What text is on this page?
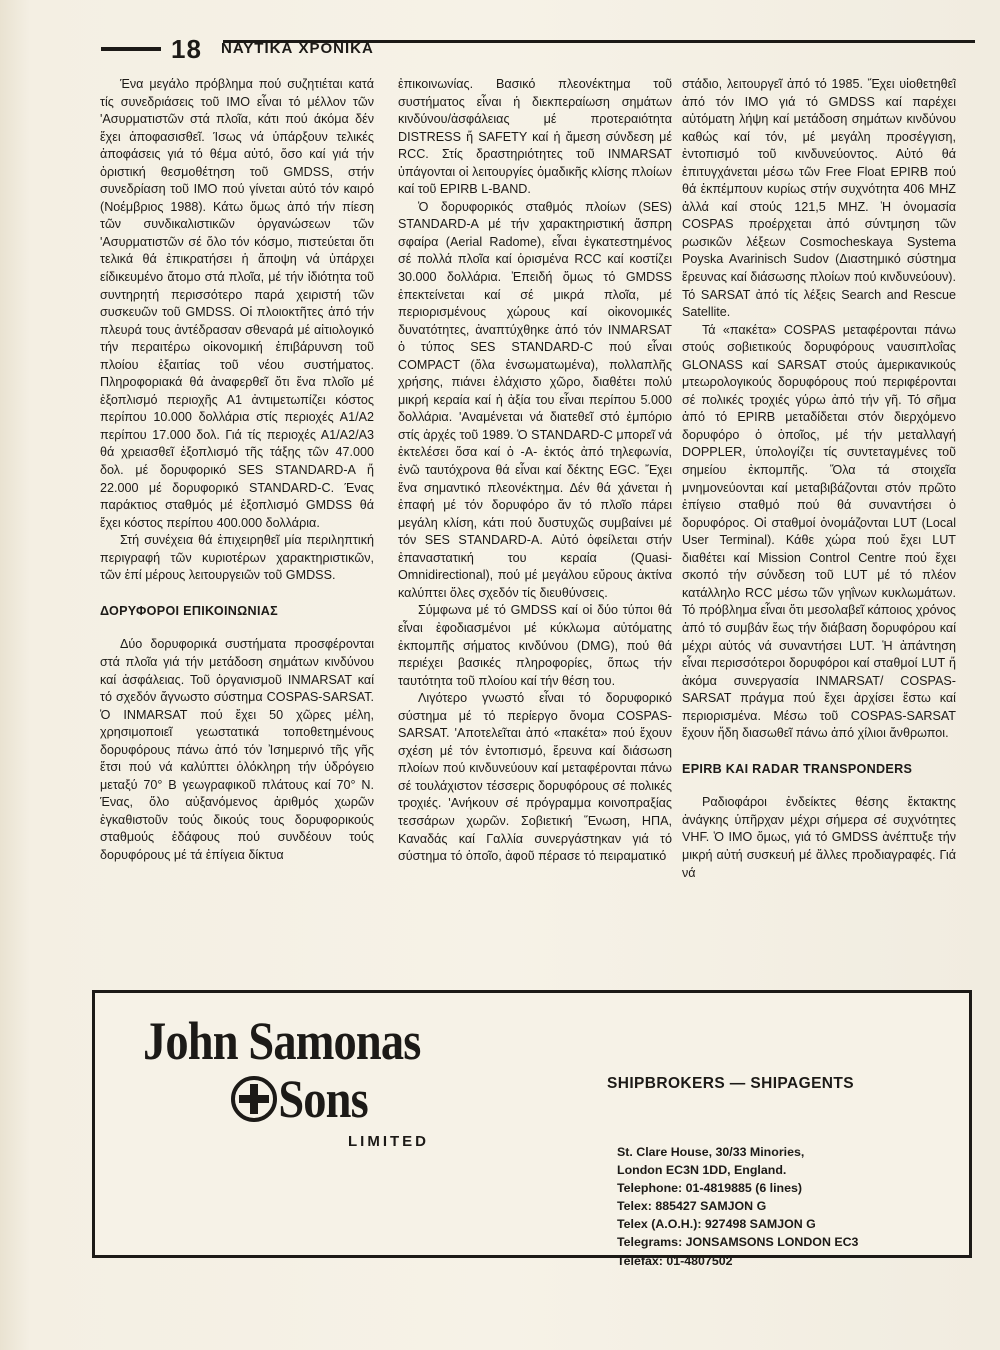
18 ΝΑΥΤΙΚΑ ΧΡΟΝΙΚΑ

Ένα μεγάλο πρόβλημα πού συζητιέται κατά τίς συνεδριάσεις τοῦ ΙΜΟ εἶναι τό μέλλον τῶν 'Ασυρματιστῶν στά πλοῖα, κάτι πού άκόμα δέν ἔχει ἀποφασισθεῖ. Ίσως νά ὑπάρξουν τελικές ἀποφάσεις γιά τό θέμα αὐτό, ὅσο καί γιά τήν ὁριστική θεσμοθέτηση τοῦ GMDSS, στήν συνεδρίαση τοῦ ΙΜΟ πού γίνεται αὐτό τόν καιρό (Νοέμβριος 1988). Κάτω ὅμως ἀπό τήν πίεση τῶν συνδικαλιστικῶν ὀργανώσεων τῶν 'Ασυρματιστῶν σέ ὅλο τόν κόσμο, πιστεύεται ὅτι τελικά θά ἐπικρατήσει ἡ ἄποψη νά ὑπάρχει είδικευμένο ἄτομο στά πλοῖα, μέ τήν ἰδιότητα τοῦ συντηρητή περισσότερο παρά χειριστή τῶν συσκευῶν τοῦ GMDSS. Οἱ πλοιοκτῆτες ἀπό τήν πλευρά τους ἀντέδρασαν σθεναρά μέ αἰτιολογικό τήν περαιτέρω οἰκονομική ἐπιβάρυνση τοῦ πλοίου ἐξαιτίας τοῦ νέου συστήματος. Πληροφοριακά θά ἀναφερθεῖ ὅτι ἕνα πλοῖο μέ ἐξοπλισμό περιοχῆς Α1 ἀντιμετωπίζει κόστος περίπου 10.000 δολλάρια στίς περιοχές Α1/Α2 περίπου 17.000 δολ. Γιά τίς περιοχές Α1/Α2/Α3 θά χρειασθεῖ ἐξοπλισμό τῆς τάξης τῶν 47.000 δολ. μέ δορυφορικό SES STANDARD-A ἤ 22.000 μέ δορυφορικό STANDARD-C. Ένας παράκτιος σταθμός μέ ἐξοπλισμό GMDSS θά ἔχει κόστος περίπου 400.000 δολλάρια.

Στή συνέχεια θά ἐπιχειρηθεῖ μία περιληπτική περιγραφή τῶν κυριοτέρων χαρακτηριστικῶν, τῶν ἐπί μέρους λειτουργειῶν τοῦ GMDSS.

ΔΟΡΥΦΟΡΟΙ ΕΠΙΚΟΙΝΩΝΙΑΣ

Δύο δορυφορικά συστήματα προσφέρονται στά πλοῖα γιά τήν μετάδοση σημάτων κινδύνου καί ἀσφάλειας. Τοῦ ὀργανισμοῦ INMARSAT καί τό σχεδόν ἄγνωστο σύστημα COSPAS-SARSAT. Ὁ INMARSAT πού ἔχει 50 χῶρες μέλη, χρησιμοποιεῖ γεωστατικά τοποθετημένους δορυφόρους πάνω ἀπό τόν Ἰσημερινό τῆς γῆς ἔτσι πού νά καλύπτει ὁλόκληρη τήν ὑδρόγειο μεταξύ 70° Β γεωγραφικοῦ πλάτους καί 70° Ν. Ένας, ὅλο αὐξανόμενος ἀριθμός χωρῶν ἐγκαθιστοῦν τούς δικούς τους δορυφορικούς σταθμούς ἐδάφους πού συνδέουν τούς δορυφόρους μέ τά ἐπίγεια δίκτυα

ἐπικοινωνίας. Βασικό πλεονέκτημα τοῦ συστήματος εἶναι ἡ διεκπεραίωση σημάτων κινδύνου/ἀσφάλειας μέ προτεραιότητα DISTRESS ἤ SAFETY καί ἡ ἄμεση σύνδεση μέ RCC. Στίς δραστηριότητες τοῦ INMARSAT ὑπάγονται οἱ λειτουργίες ὁμαδικῆς κλίσης πλοίων καί τοῦ EPIRB L-BAND.

Ὁ δορυφορικός σταθμός πλοίων (SES) STANDARD-A μέ τήν χαρακτηριστική ἄσπρη σφαίρα (Aerial Radome), εἶναι ἐγκατεστημένος σέ πολλά πλοῖα καί ὁρισμένα RCC καί κοστίζει 30.000 δολλάρια. Ἐπειδή ὅμως τό GMDSS ἐπεκτείνεται καί σέ μικρά πλοῖα, μέ περιορισμένους χώρους καί οἰκονομικές δυνατότητες, ἀναπτύχθηκε ἀπό τόν INMARSAT ὁ τύπος SES STANDARD-C πού εἶναι COMPACT (ὅλα ἐνσωματωμένα), πολλαπλῆς χρήσης, πιάνει ἐλάχιστο χῶρο, διαθέτει πολύ μικρή κεραία καί ἡ ἀξία του εἶναι περίπου 5.000 δολλάρια. 'Αναμένεται νά διατεθεῖ στό ἐμπόριο στίς ἀρχές τοῦ 1989. Ὁ STANDARD-C μπορεῖ νά ἐκτελέσει ὅσα καί ὁ -Α- ἐκτός ἀπό τηλεφωνία, ἐνῶ ταυτόχρονα θά εἶναι καί δέκτης EGC. Ἔχει ἕνα σημαντικό πλεονέκτημα. Δέν θά χάνεται ἡ ἐπαφή μέ τόν δορυφόρο ἄν τό πλοῖο πάρει μεγάλη κλίση, κάτι πού δυστυχῶς συμβαίνει μέ τόν SES STANDARD-A. Αὐτό ὀφείλεται στήν ἐπαναστατική του κεραία (Quasi-Omnidirectional), πού μέ μεγάλου εὔρους ἀκτίνα καλύπτει ὅλες σχεδόν τίς διευθύνσεις.

Σύμφωνα μέ τό GMDSS καί οἱ δύο τύποι θά εἶναι ἐφοδιασμένοι μέ κύκλωμα αὐτόματης ἐκπομπῆς σήματος κινδύνου (DMG), πού θά περιέχει βασικές πληροφορίες, ὅπως τήν ταυτότητα τοῦ πλοίου καί τήν θέση του.

Λιγότερο γνωστό εἶναι τό δορυφορικό σύστημα μέ τό περίεργο ὄνομα COSPAS-SARSAT. 'Αποτελεῖται ἀπό «πακέτα» πού ἔχουν σχέση μέ τόν ἐντοπισμό, ἔρευνα καί διάσωση πλοίων πού κινδυνεύουν καί μεταφέρονται πάνω σέ τουλάχιστον τέσσερις δορυφόρους σέ πολικές τροχιές. 'Ανήκουν σέ πρόγραμμα κοινοπραξίας τεσσάρων χωρῶν. Σοβιετική Ἕνωση, ΗΠΑ, Καναδάς καί Γαλλία συνεργάστηκαν γιά τό σύστημα τό ὁποῖο, ἀφοῦ πέρασε τό πειραματικό

στάδιο, λειτουργεῖ ἀπό τό 1985. Ἔχει υἱοθετηθεῖ ἀπό τόν ΙΜΟ γιά τό GMDSS καί παρέχει αὐτόματη λήψη καί μετάδοση σημάτων κινδύνου καθώς καί τόν, μέ μεγάλη προσέγγιση, ἐντοπισμό τοῦ κινδυνεύοντος. Αὐτό θά ἐπιτυγχάνεται μέσω τῶν Free Float EPIRB πού θά ἐκπέμπουν κυρίως στήν συχνότητα 406 MHZ ἀλλά καί στούς 121,5 MHZ. Ἡ ὀνομασία COSPAS προέρχεται ἀπό σύντμηση τῶν ρωσικῶν λέξεων Cosmocheskaya Systema Poyska Avarinisch Sudov (Διαστημικό σύστημα ἔρευνας καί διάσωσης πλοίων πού κινδυνεύουν). Τό SARSAT ἀπό τίς λέξεις Search and Rescue Satellite.

Τά «πακέτα» COSPAS μεταφέρονται πάνω στούς σοβιετικούς δορυφόρους ναυσιπλοΐας GLONASS καί SARSAT στούς ἀμερικανικούς μτεωρολογικούς δορυφόρους πού περιφέρονται σέ πολικές τροχιές γύρω ἀπό τήν γῆ. Τό σῆμα ἀπό τό EPIRB μεταδίδεται στόν διερχόμενο δορυφόρο ὁ ὁποῖος, μέ τήν μεταλλαγή DOPPLER, ὑπολογίζει τίς συντεταγμένες τοῦ σημείου ἐκπομπῆς. Ὅλα τά στοιχεῖα μνημονεύονται καί μεταβιβάζονται στόν πρῶτο ἐπίγειο σταθμό πού θά συναντήσει ὁ δορυφόρος. Οἱ σταθμοί ὀνομάζονται LUT (Local User Terminal). Κάθε χώρα πού ἔχει LUT διαθέτει καί Mission Control Centre πού ἔχει σκοπό τήν σύνδεση τοῦ LUT μέ τό πλέον κατάλληλο RCC μέσω τῶν γηΐνων κυκλωμάτων. Τό πρόβλημα εἶναι ὅτι μεσολαβεῖ κάποιος χρόνος ἀπό τό συμβάν ἕως τήν διάβαση δορυφόρου καί μέχρι αὐτός νά συναντήσει LUT. Ἡ ἀπάντηση εἶναι περισσότεροι δορυφόροι καί σταθμοί LUT ἤ ἀκόμα συνεργασία INMARSAT/ COSPAS- SARSAT πράγμα πού ἔχει ἀρχίσει ἔστω καί περιορισμένα. Μέσω τοῦ COSPAS-SARSAT ἔχουν ἤδη διασωθεῖ πάνω ἀπό χίλιοι ἄνθρωποι.

EPIRB ΚΑΙ RADAR TRANSPONDERS

Ραδιοφάροι ἐνδείκτες θέσης ἔκτακτης ἀνάγκης ὑπῆρχαν μέχρι σήμερα σέ συχνότητες VHF. Ὁ ΙΜΟ ὅμως, γιά τό GMDSS ἀνέπτυξε τήν μικρή αὐτή συσκευή μέ ἄλλες προδιαγραφές. Γιά νά

John Samonas
Sons
LIMITED
SHIPBROKERS — SHIPAGENTS
St. Clare House, 30/33 Minories,
London EC3N 1DD, England.
Telephone: 01-4819885 (6 lines)
Telex: 885427 SAMJON G
Telex (A.O.H.): 927498 SAMJON G
Telegrams: JONSAMSONS LONDON EC3
Telefax: 01-4807502
